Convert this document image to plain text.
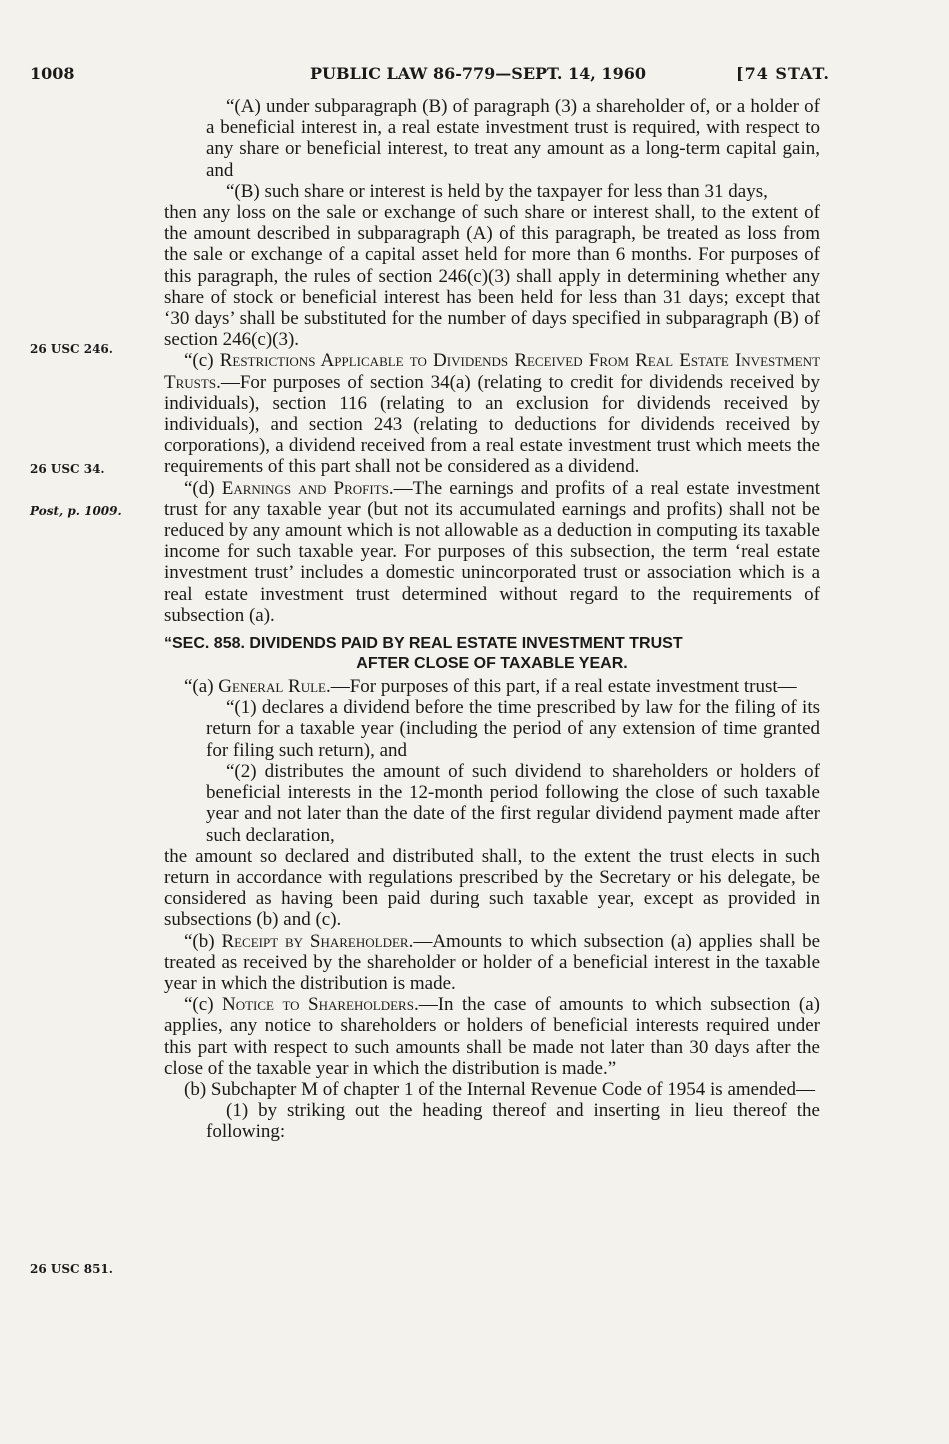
1008	PUBLIC LAW 86-779—SEPT. 14, 1960	[74 STAT.
26 USC 246.
26 USC 34.
Post, p. 1009.
26 USC 851.

“(A) under subparagraph (B) of paragraph (3) a shareholder of, or a holder of a beneficial interest in, a real estate investment trust is required, with respect to any share or beneficial interest, to treat any amount as a long-term capital gain, and

“(B) such share or interest is held by the taxpayer for less than 31 days,

then any loss on the sale or exchange of such share or interest shall, to the extent of the amount described in subparagraph (A) of this paragraph, be treated as loss from the sale or exchange of a capital asset held for more than 6 months. For purposes of this paragraph, the rules of section 246(c)(3) shall apply in determining whether any share of stock or beneficial interest has been held for less than 31 days; except that ‘30 days’ shall be substituted for the number of days specified in subparagraph (B) of section 246(c)(3).

“(c) Restrictions Applicable to Dividends Received From Real Estate Investment Trusts.—For purposes of section 34(a) (relating to credit for dividends received by individuals), section 116 (relating to an exclusion for dividends received by individuals), and section 243 (relating to deductions for dividends received by corporations), a dividend received from a real estate investment trust which meets the requirements of this part shall not be considered as a dividend.

“(d) Earnings and Profits.—The earnings and profits of a real estate investment trust for any taxable year (but not its accumulated earnings and profits) shall not be reduced by any amount which is not allowable as a deduction in computing its taxable income for such taxable year. For purposes of this subsection, the term ‘real estate investment trust’ includes a domestic unincorporated trust or association which is a real estate investment trust determined without regard to the requirements of subsection (a).

“SEC. 858. DIVIDENDS PAID BY REAL ESTATE INVESTMENT TRUST
AFTER CLOSE OF TAXABLE YEAR.

“(a) General Rule.—For purposes of this part, if a real estate investment trust—

“(1) declares a dividend before the time prescribed by law for the filing of its return for a taxable year (including the period of any extension of time granted for filing such return), and

“(2) distributes the amount of such dividend to shareholders or holders of beneficial interests in the 12-month period following the close of such taxable year and not later than the date of the first regular dividend payment made after such declaration,

the amount so declared and distributed shall, to the extent the trust elects in such return in accordance with regulations prescribed by the Secretary or his delegate, be considered as having been paid during such taxable year, except as provided in subsections (b) and (c).

“(b) Receipt by Shareholder.—Amounts to which subsection (a) applies shall be treated as received by the shareholder or holder of a beneficial interest in the taxable year in which the distribution is made.

“(c) Notice to Shareholders.—In the case of amounts to which subsection (a) applies, any notice to shareholders or holders of beneficial interests required under this part with respect to such amounts shall be made not later than 30 days after the close of the taxable year in which the distribution is made.”

(b) Subchapter M of chapter 1 of the Internal Revenue Code of 1954 is amended—

(1) by striking out the heading thereof and inserting in lieu thereof the following:
